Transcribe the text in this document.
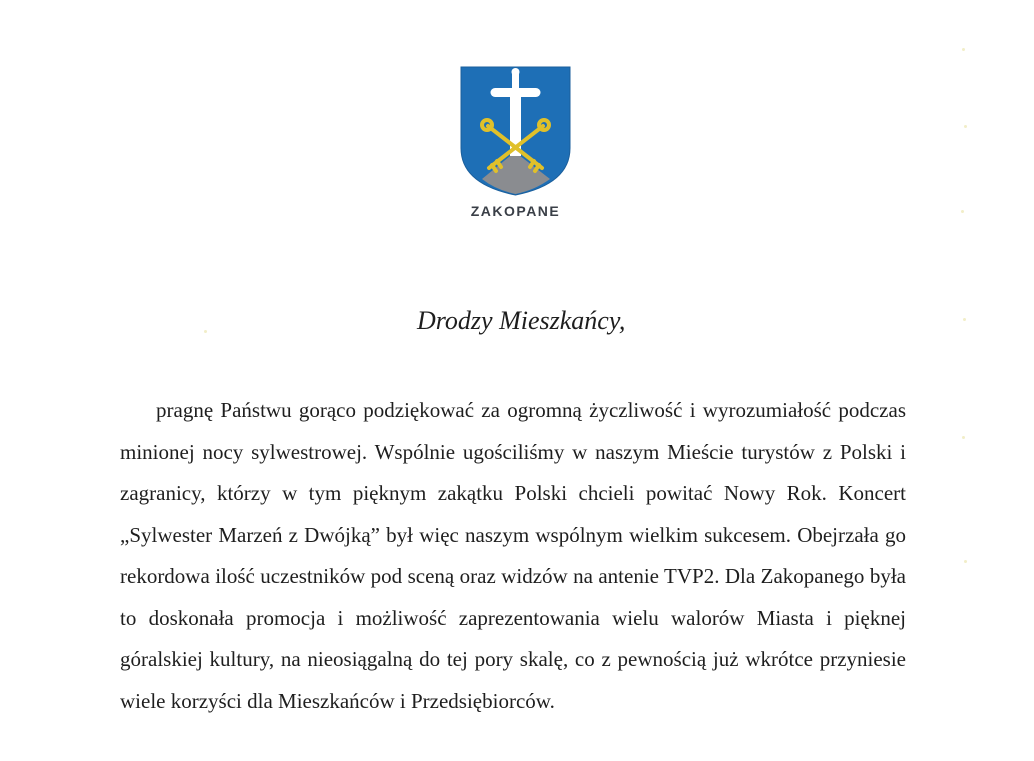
ZAKOPANE
Drodzy Mieszkańcy,

pragnę Państwu gorąco podziękować za ogromną życzliwość i wyrozumiałość podczas minionej nocy sylwestrowej. Wspólnie ugościliśmy w naszym Mieście turystów z Polski i zagranicy, którzy w tym pięknym zakątku Polski chcieli powitać Nowy Rok. Koncert „Sylwester Marzeń z Dwójką” był więc naszym wspólnym wielkim sukcesem. Obejrzała go rekordowa ilość uczestników pod sceną oraz widzów na antenie TVP2. Dla Zakopanego była to doskonała promocja i możliwość zaprezentowania wielu walorów Miasta i pięknej góralskiej kultury, na nieosiągalną do tej pory skalę, co z pewnością już wkrótce przyniesie wiele korzyści dla Mieszkańców i Przedsiębiorców.
